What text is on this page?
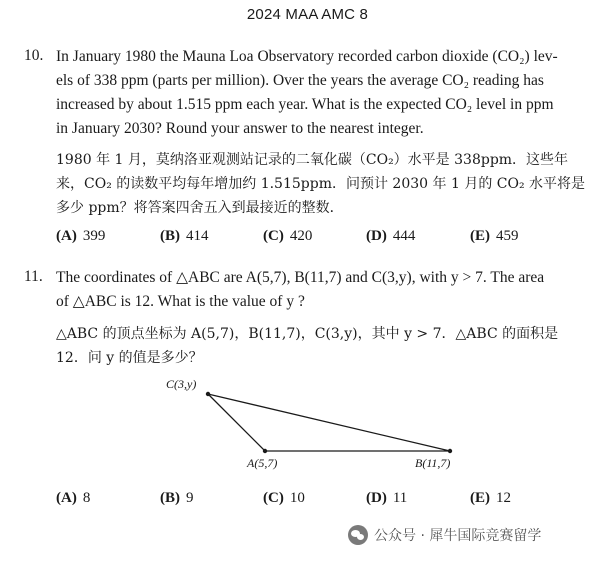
2024 MAA AMC 8
10. In January 1980 the Mauna Loa Observatory recorded carbon dioxide (CO₂) lev-
els of 338 ppm (parts per million). Over the years the average CO₂ reading has
increased by about 1.515 ppm each year. What is the expected CO₂ level in ppm
in January 2030? Round your answer to the nearest integer.
1980 年 1 月，莫纳洛亚观测站记录的二氧化碳（CO₂）水平是 338ppm．这些年
来，CO₂ 的读数平均每年增加约 1.515ppm．问预计 2030 年 1 月的 CO₂ 水平将是
多少 ppm？将答案四舍五入到最接近的整数．
(A) 399	(B) 414	(C) 420	(D) 444	(E) 459
11. The coordinates of △ABC are A(5,7), B(11,7) and C(3,y), with y > 7. The area
of △ABC is 12. What is the value of y ?
△ABC 的顶点坐标为 A(5,7)，B(11,7)，C(3,y)，其中 y > 7．△ABC 的面积是
12．问 y 的值是多少？
(A) 8	(B) 9	(C) 10	(D) 11	(E) 12
C(3,y)
A(5,7)	B(11,7)
公众号 · 犀牛国际竞赛留学
